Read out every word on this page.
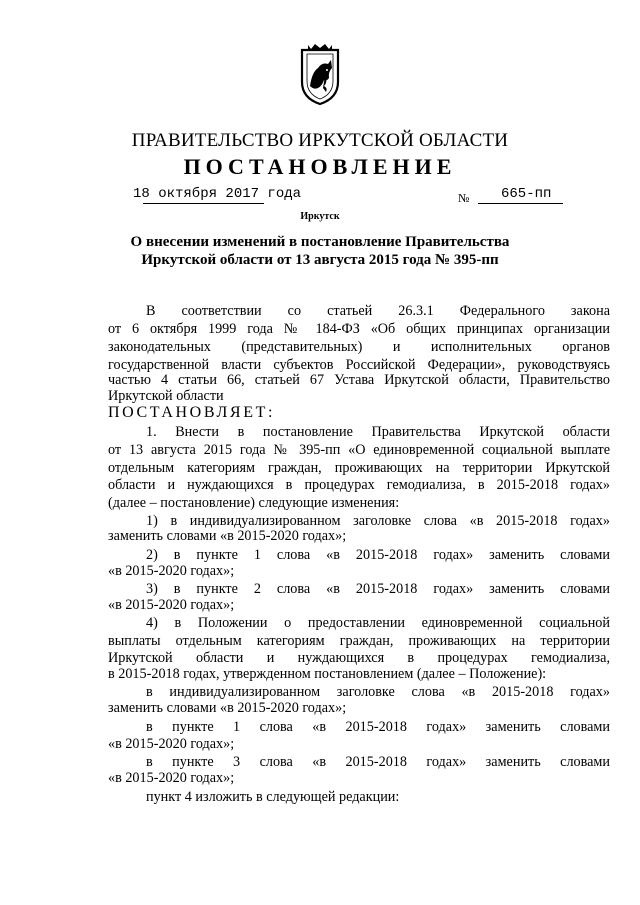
ПРАВИТЕЛЬСТВО ИРКУТСКОЙ ОБЛАСТИ
ПОСТАНОВЛЕНИЕ
18 октября 2017 года	№ 665-пп
Иркутск
О внесении изменений в постановление Правительства
Иркутской области от 13 августа 2015 года № 395-пп
В соответствии со статьей 26.3.1 Федерального закона
от 6 октября 1999 года № 184-ФЗ «Об общих принципах организации
законодательных (представительных) и исполнительных органов
государственной власти субъектов Российской Федерации», руководствуясь
частью 4 статьи 66, статьей 67 Устава Иркутской области, Правительство
Иркутской области
ПОСТАНОВЛЯЕТ:
1. Внести в постановление Правительства Иркутской области
от 13 августа 2015 года № 395-пп «О единовременной социальной выплате
отдельным категориям граждан, проживающих на территории Иркутской
области и нуждающихся в процедурах гемодиализа, в 2015-2018 годах»
(далее – постановление) следующие изменения:
1) в индивидуализированном заголовке слова «в 2015-2018 годах»
заменить словами «в 2015-2020 годах»;
2) в пункте 1 слова «в 2015-2018 годах» заменить словами
«в 2015-2020 годах»;
3) в пункте 2 слова «в 2015-2018 годах» заменить словами
«в 2015-2020 годах»;
4) в Положении о предоставлении единовременной социальной
выплаты отдельным категориям граждан, проживающих на территории
Иркутской области и нуждающихся в процедурах гемодиализа,
в 2015-2018 годах, утвержденном постановлением (далее – Положение):
в индивидуализированном заголовке слова «в 2015-2018 годах»
заменить словами «в 2015-2020 годах»;
в пункте 1 слова «в 2015-2018 годах» заменить словами
«в 2015-2020 годах»;
в пункте 3 слова «в 2015-2018 годах» заменить словами
«в 2015-2020 годах»;
пункт 4 изложить в следующей редакции:
